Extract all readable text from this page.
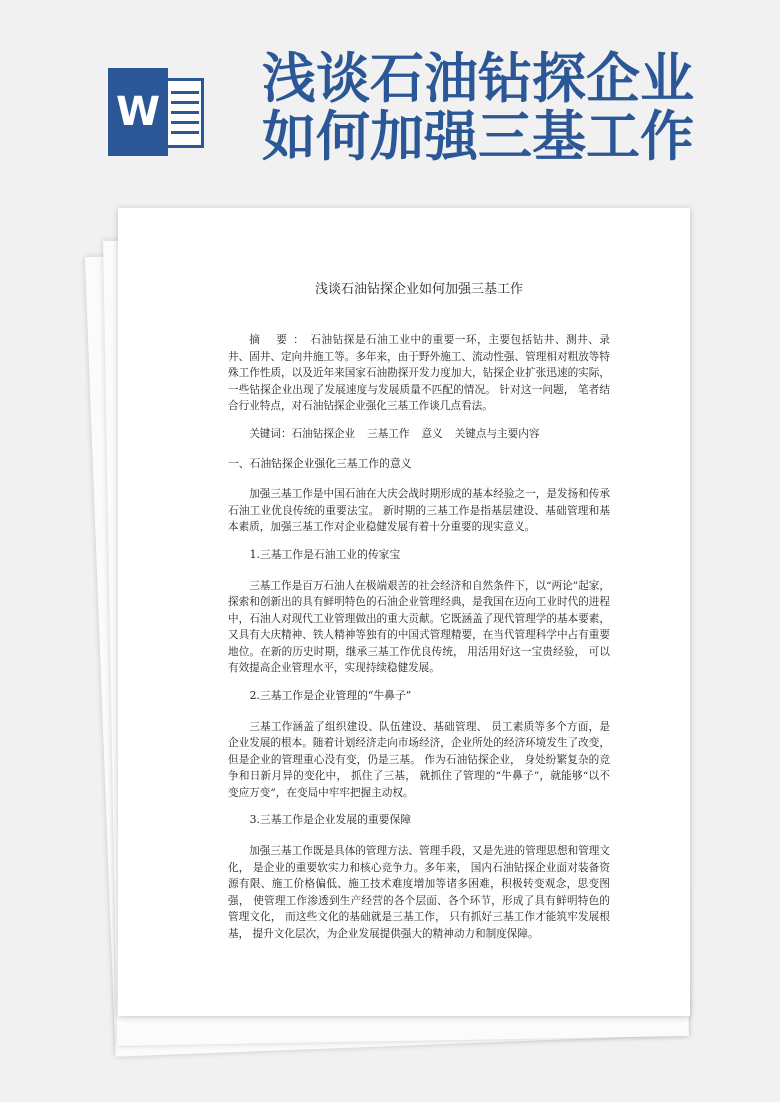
W
浅谈石油钻探企业
如何加强三基工作
浅谈石油钻探企业如何加强三基工作

摘 要：石油钻探是石油工业中的重要一环，主要包括钻井、测井、录井、固井、定向井施工等。多年来，由于野外施工、流动性强、管理相对粗放等特殊工作性质，以及近年来国家石油勘探开发力度加大，钻探企业扩张迅速的实际，一些钻探企业出现了发展速度与发展质量不匹配的情况。 针对这一问题， 笔者结合行业特点，对石油钻探企业强化三基工作谈几点看法。

关键词：石油钻探企业 三基工作 意义 关键点与主要内容
一、石油钻探企业强化三基工作的意义

加强三基工作是中国石油在大庆会战时期形成的基本经验之一，是发扬和传承石油工业优良传统的重要法宝。 新时期的三基工作是指基层建设、基础管理和基本素质，加强三基工作对企业稳健发展有着十分重要的现实意义。

1.三基工作是石油工业的传家宝

三基工作是百万石油人在极端艰苦的社会经济和自然条件下，以“两论”起家，探索和创新出的具有鲜明特色的石油企业管理经典，是我国在迈向工业时代的进程中，石油人对现代工业管理做出的重大贡献。它既涵盖了现代管理学的基本要素，又具有大庆精神、铁人精神等独有的中国式管理精要，在当代管理科学中占有重要地位。在新的历史时期，继承三基工作优良传统， 用活用好这一宝贵经验， 可以有效提高企业管理水平，实现持续稳健发展。

2.三基工作是企业管理的“牛鼻子”

三基工作涵盖了组织建设、队伍建设、基础管理、 员工素质等多个方面，是企业发展的根本。随着计划经济走向市场经济，企业所处的经济环境发生了改变，但是企业的管理重心没有变，仍是三基。 作为石油钻探企业， 身处纷繁复杂的竞争和日新月异的变化中， 抓住了三基， 就抓住了管理的“牛鼻子”，就能够“以不变应万变”，在变局中牢牢把握主动权。

3.三基工作是企业发展的重要保障

加强三基工作既是具体的管理方法、管理手段，又是先进的管理思想和管理文化， 是企业的重要软实力和核心竞争力。多年来， 国内石油钻探企业面对装备资源有限、施工价格偏低、施工技术难度增加等诸多困难，积极转变观念，思变图强， 使管理工作渗透到生产经营的各个层面、各个环节，形成了具有鲜明特色的管理文化， 而这些文化的基础就是三基工作， 只有抓好三基工作才能筑牢发展根基， 提升文化层次，为企业发展提供强大的精神动力和制度保障。
